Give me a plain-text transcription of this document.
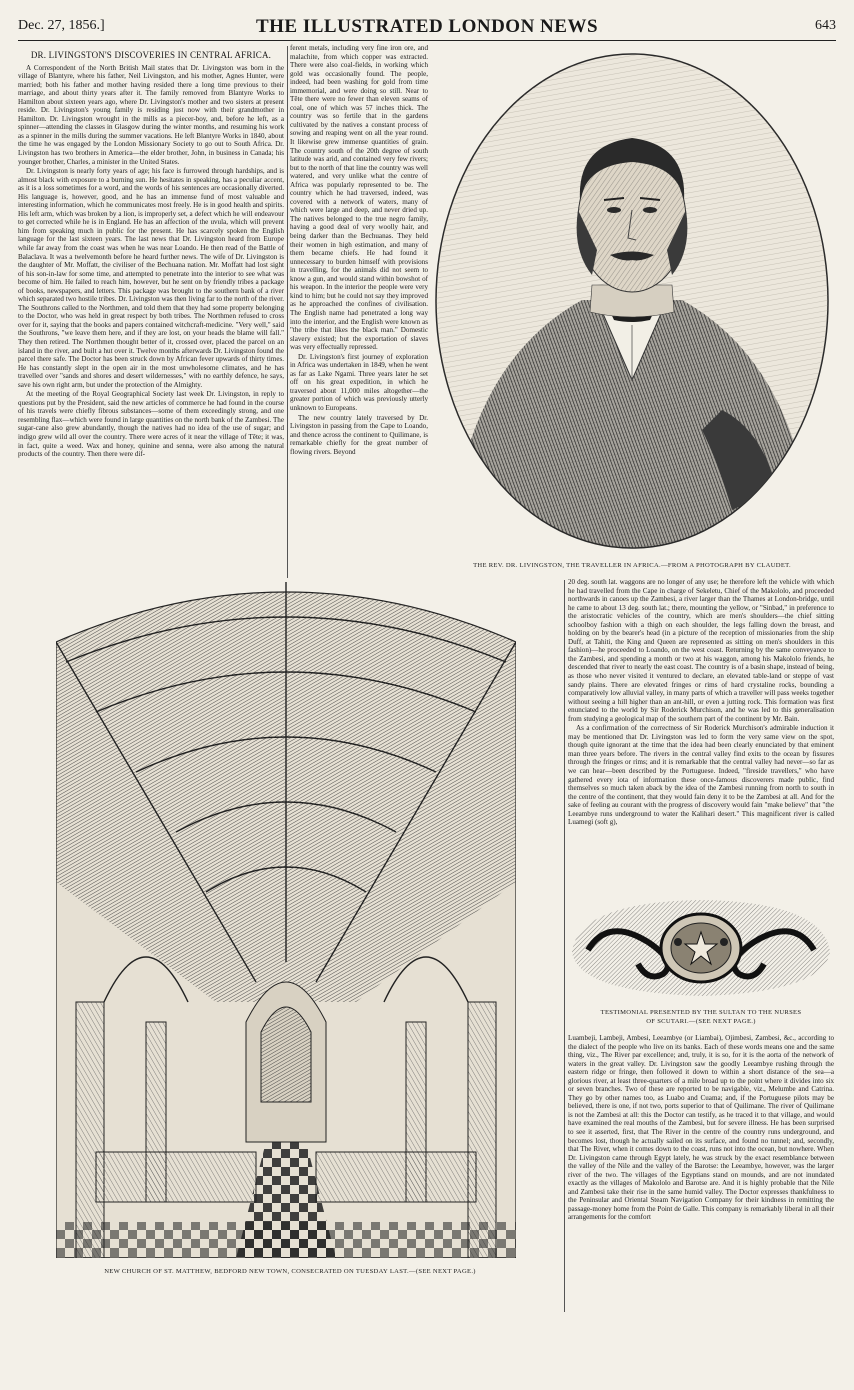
Dec. 27, 1856.]	THE ILLUSTRATED LONDON NEWS	643
DR. LIVINGSTON'S DISCOVERIES IN CENTRAL AFRICA.

A Correspondent of the North British Mail states that Dr. Livingston was born in the village of Blantyre, where his father, Neil Livingston, and his mother, Agnes Hunter, were married; both his father and mother having resided there a long time previous to their marriage, and about thirty years after it. The family removed from Blantyre Works to Hamilton about sixteen years ago, where Dr. Livingston's mother and two sisters at present reside. Dr. Livingston's young family is residing just now with their grandmother in Hamilton. Dr. Livingston wrought in the mills as a piecer-boy, and, before he left, as a spinner—attending the classes in Glasgow during the winter months, and resuming his work as a spinner in the mills during the summer vacations. He left Blantyre Works in 1840, about the time he was engaged by the London Missionary Society to go out to South Africa. Dr. Livingston has two brothers in America—the elder brother, John, in business in Canada; his younger brother, Charles, a minister in the United States.

Dr. Livingston is nearly forty years of age; his face is furrowed through hardships, and is almost black with exposure to a burning sun. He hesitates in speaking, has a peculiar accent, as it is a loss sometimes for a word, and the words of his sentences are occasionally diverted. His language is, however, good, and he has an immense fund of most valuable and interesting information, which he communicates most freely. He is in good health and spirits. His left arm, which was broken by a lion, is improperly set, a defect which he will endeavour to get corrected while he is in England. He has an affection of the uvula, which will prevent him from speaking much in public for the present. He has scarcely spoken the English language for the last sixteen years. The last news that Dr. Livingston heard from Europe while far away from the coast was when he was near Loando. He then read of the Battle of Balaclava. It was a twelvemonth before he heard further news. The wife of Dr. Livingston is the daughter of Mr. Moffatt, the civiliser of the Bechuana nation. Mr. Moffatt had lost sight of his son-in-law for some time, and attempted to penetrate into the interior to see what was become of him. He failed to reach him, however, but he sent on by friendly tribes a package of books, newspapers, and letters. This package was brought to the southern bank of a river which separated two hostile tribes. Dr. Livingston was then living far to the north of the river. The Southrons called to the Northmen, and told them that they had some property belonging to the Doctor, who was held in great respect by both tribes. The Northmen refused to cross over for it, saying that the books and papers contained witchcraft-medicine. "Very well," said the Southrons, "we leave them here, and if they are lost, on your heads the blame will fall." They then retired. The Northmen thought better of it, crossed over, placed the parcel on an island in the river, and built a hut over it. Twelve months afterwards Dr. Livingston found the parcel there safe. The Doctor has been struck down by African fever upwards of thirty times. He has constantly slept in the open air in the most unwholesome climates, and he has travelled over "sands and shores and desert wildernesses," with no earthly defence, he says, save his own right arm, but under the protection of the Almighty.

At the meeting of the Royal Geographical Society last week Dr. Livingston, in reply to questions put by the President, said the new articles of commerce he had found in the course of his travels were chiefly fibrous substances—some of them exceedingly strong, and one resembling flax—which were found in large quantities on the north bank of the Zambesi. The sugar-cane also grew abundantly, though the natives had no idea of the use of sugar; and indigo grew wild all over the country. There were acres of it near the village of Tête; it was, in fact, quite a weed. Wax and honey, quinine and senna, were also among the natural products of the country. Then there were dif-

ferent metals, including very fine iron ore, and malachite, from which copper was extracted. There were also coal-fields, in working which gold was occasionally found. The people, indeed, had been washing for gold from time immemorial, and were doing so still. Near to Tête there were no fewer than eleven seams of coal, one of which was 57 inches thick. The country was so fertile that in the gardens cultivated by the natives a constant process of sowing and reaping went on all the year round. It likewise grew immense quantities of grain. The country south of the 20th degree of south latitude was arid, and contained very few rivers; but to the north of that line the country was well watered, and very unlike what the centre of Africa was popularly represented to be. The country which he had traversed, indeed, was covered with a network of waters, many of which were large and deep, and never dried up. The natives belonged to the true negro family, having a good deal of very woolly hair, and being darker than the Bechuanas. They held their women in high estimation, and many of them became chiefs. He had found it unnecessary to burden himself with provisions in travelling, for the animals did not seem to know a gun, and would stand within bowshot of his weapon. In the interior the people were very kind to him; but he could not say they improved as he approached the confines of civilisation. The English name had penetrated a long way into the interior, and the English were known as "the tribe that likes the black man." Domestic slavery existed; but the exportation of slaves was very effectually repressed.

Dr. Livingston's first journey of exploration in Africa was undertaken in 1849, when he went as far as Lake Ngami. Three years later he set off on his great expedition, in which he traversed about 11,000 miles altogether—the greater portion of which was previously utterly unknown to Europeans.

The new country lately traversed by Dr. Livingston in passing from the Cape to Loando, and thence across the continent to Quilimane, is remarkable chiefly for the great number of flowing rivers. Beyond

THE REV. DR. LIVINGSTON, THE TRAVELLER IN AFRICA.—FROM A PHOTOGRAPH BY CLAUDET.
NEW CHURCH OF ST. MATTHEW, BEDFORD NEW TOWN, CONSECRATED ON TUESDAY LAST.—(SEE NEXT PAGE.)

20 deg. south lat. waggons are no longer of any use; he therefore left the vehicle with which he had travelled from the Cape in charge of Sekeletu, Chief of the Makololo, and proceeded northwards in canoes up the Zambesi, a river larger than the Thames at London-bridge, until he came to about 13 deg. south lat.; there, mounting the yellow, or "Sinbad," in preference to the aristocratic vehicles of the country, which are men's shoulders—the chief sitting schoolboy fashion with a thigh on each shoulder, the legs falling down the breast, and holding on by the bearer's head (in a picture of the reception of missionaries from the ship Duff, at Tahiti, the King and Queen are represented as sitting on men's shoulders in this fashion)—he proceeded to Loando, on the west coast. Returning by the same conveyance to the Zambesi, and spending a month or two at his waggon, among his Makololo friends, he descended that river to nearly the east coast. The country is of a basin shape, instead of being, as those who never visited it ventured to declare, an elevated table-land or steppe of vast sandy plains. There are elevated fringes or rims of hard crystaline rocks, bounding a comparatively low alluvial valley, in many parts of which a traveller will pass weeks together without seeing a hill higher than an ant-hill, or even a jutting rock. This formation was first enunciated to the world by Sir Roderick Murchison, and he was led to this generalisation from studying a geological map of the southern part of the continent by Mr. Bain.

As a confirmation of the correctness of Sir Roderick Murchison's admirable induction it may be mentioned that Dr. Livingston was led to form the very same view on the spot, though quite ignorant at the time that the idea had been clearly enunciated by that eminent man three years before. The rivers in the central valley find exits to the ocean by fissures through the fringes or rims; and it is remarkable that the central valley had never—so far as we can hear—been described by the Portuguese. Indeed, "fireside travellers," who have gathered every iota of information these once-famous discoverers made public, find themselves so much taken aback by the idea of the Zambesi running from north to south in the centre of the continent, that they would fain deny it to be the Zambesi at all. And for the sake of feeling au courant with the progress of discovery would fain "make believe" that "the Leeambye runs underground to water the Kalihari desert." This magnificent river is called Luamegi (soft g),

TESTIMONIAL PRESENTED BY THE SULTAN TO THE NURSES
OF SCUTARI.—(SEE NEXT PAGE.)

Luambeji, Lambeji, Ambesi, Leeambye (or Liambai), Ojimbesi, Zambesi, &c., according to the dialect of the people who live on its banks. Each of these words means one and the same thing, viz., The River par excellence; and, truly, it is so, for it is the aorta of the network of waters in the great valley. Dr. Livingston saw the goodly Leeambye rushing through the eastern ridge or fringe, then followed it down to within a short distance of the sea—a glorious river, at least three-quarters of a mile broad up to the point where it divides into six or seven branches. Two of these are reported to be navigable, viz., Melumbe and Catrina. They go by other names too, as Luabo and Cuama; and, if the Portuguese pilots may be believed, there is one, if not two, ports superior to that of Quilimane. The river of Quilimane is not the Zambesi at all: this the Doctor can testify, as he traced it to that village, and would have examined the real mouths of the Zambesi, but for severe illness. He has been surprised to see it asserted, first, that The River in the centre of the country runs underground, and becomes lost, though he actually sailed on its surface, and found no tunnel; and, secondly, that The River, when it comes down to the coast, runs not into the ocean, but nowhere. When Dr. Livingston came through Egypt lately, he was struck by the exact resemblance between the valley of the Nile and the valley of the Barotse: the Leeambye, however, was the larger river of the two. The villages of the Egyptians stand on mounds, and are not inundated exactly as the villages of Makololo and Barotse are. And it is highly probable that the Nile and Zambesi take their rise in the same humid valley. The Doctor expresses thankfulness to the Peninsular and Oriental Steam Navigation Company for their kindness in remitting the passage-money home from the Point de Galle. This company is remarkably liberal in all their arrangements for the comfort
